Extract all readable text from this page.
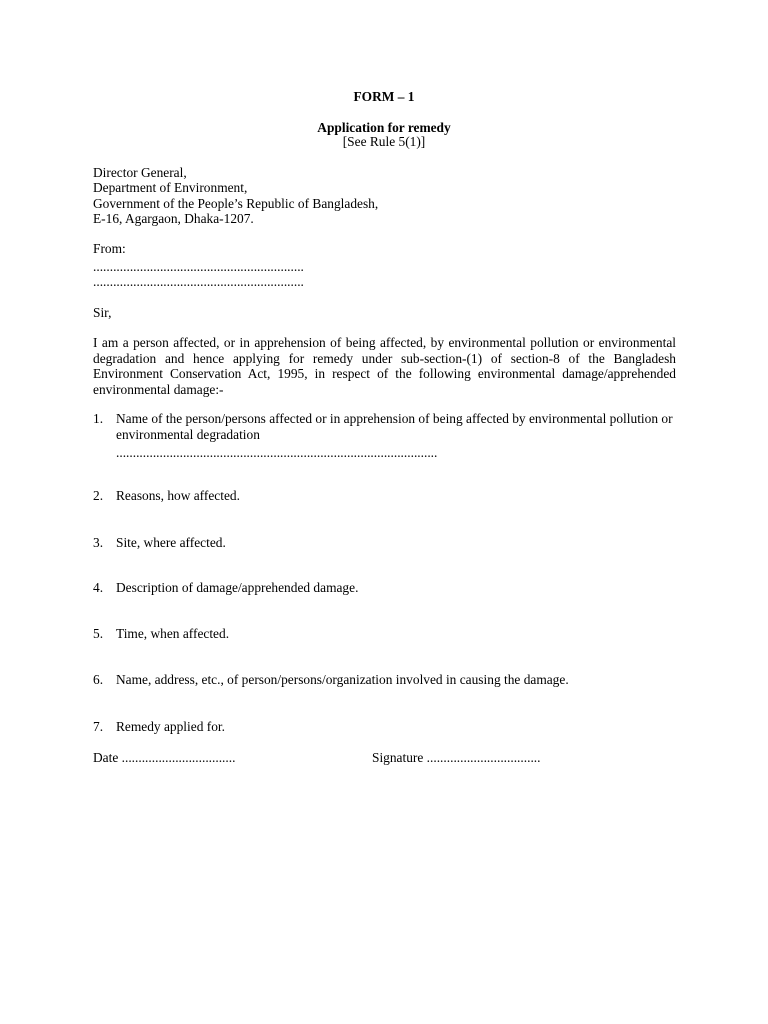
FORM – 1
Application for remedy
[See Rule 5(1)]
Director General,
Department of Environment,
Government of the People’s Republic of Bangladesh,
E-16, Agargaon, Dhaka-1207.
From:
...............................................................
...............................................................
Sir,
I am a person affected, or in apprehension of being affected, by environmental pollution or environmental degradation and hence applying for remedy under sub-section-(1) of section-8 of the Bangladesh Environment Conservation Act, 1995, in respect of the following environmental damage/apprehended environmental damage:-
1. Name of the person/persons affected or in apprehension of being affected by environmental pollution or environmental degradation
................................................................................................
2. Reasons, how affected.
3. Site, where affected.
4. Description of damage/apprehended damage.
5. Time, when affected.
6. Name, address, etc., of person/persons/organization involved in causing the damage.
7. Remedy applied for.
Date ..................................	Signature ..................................
